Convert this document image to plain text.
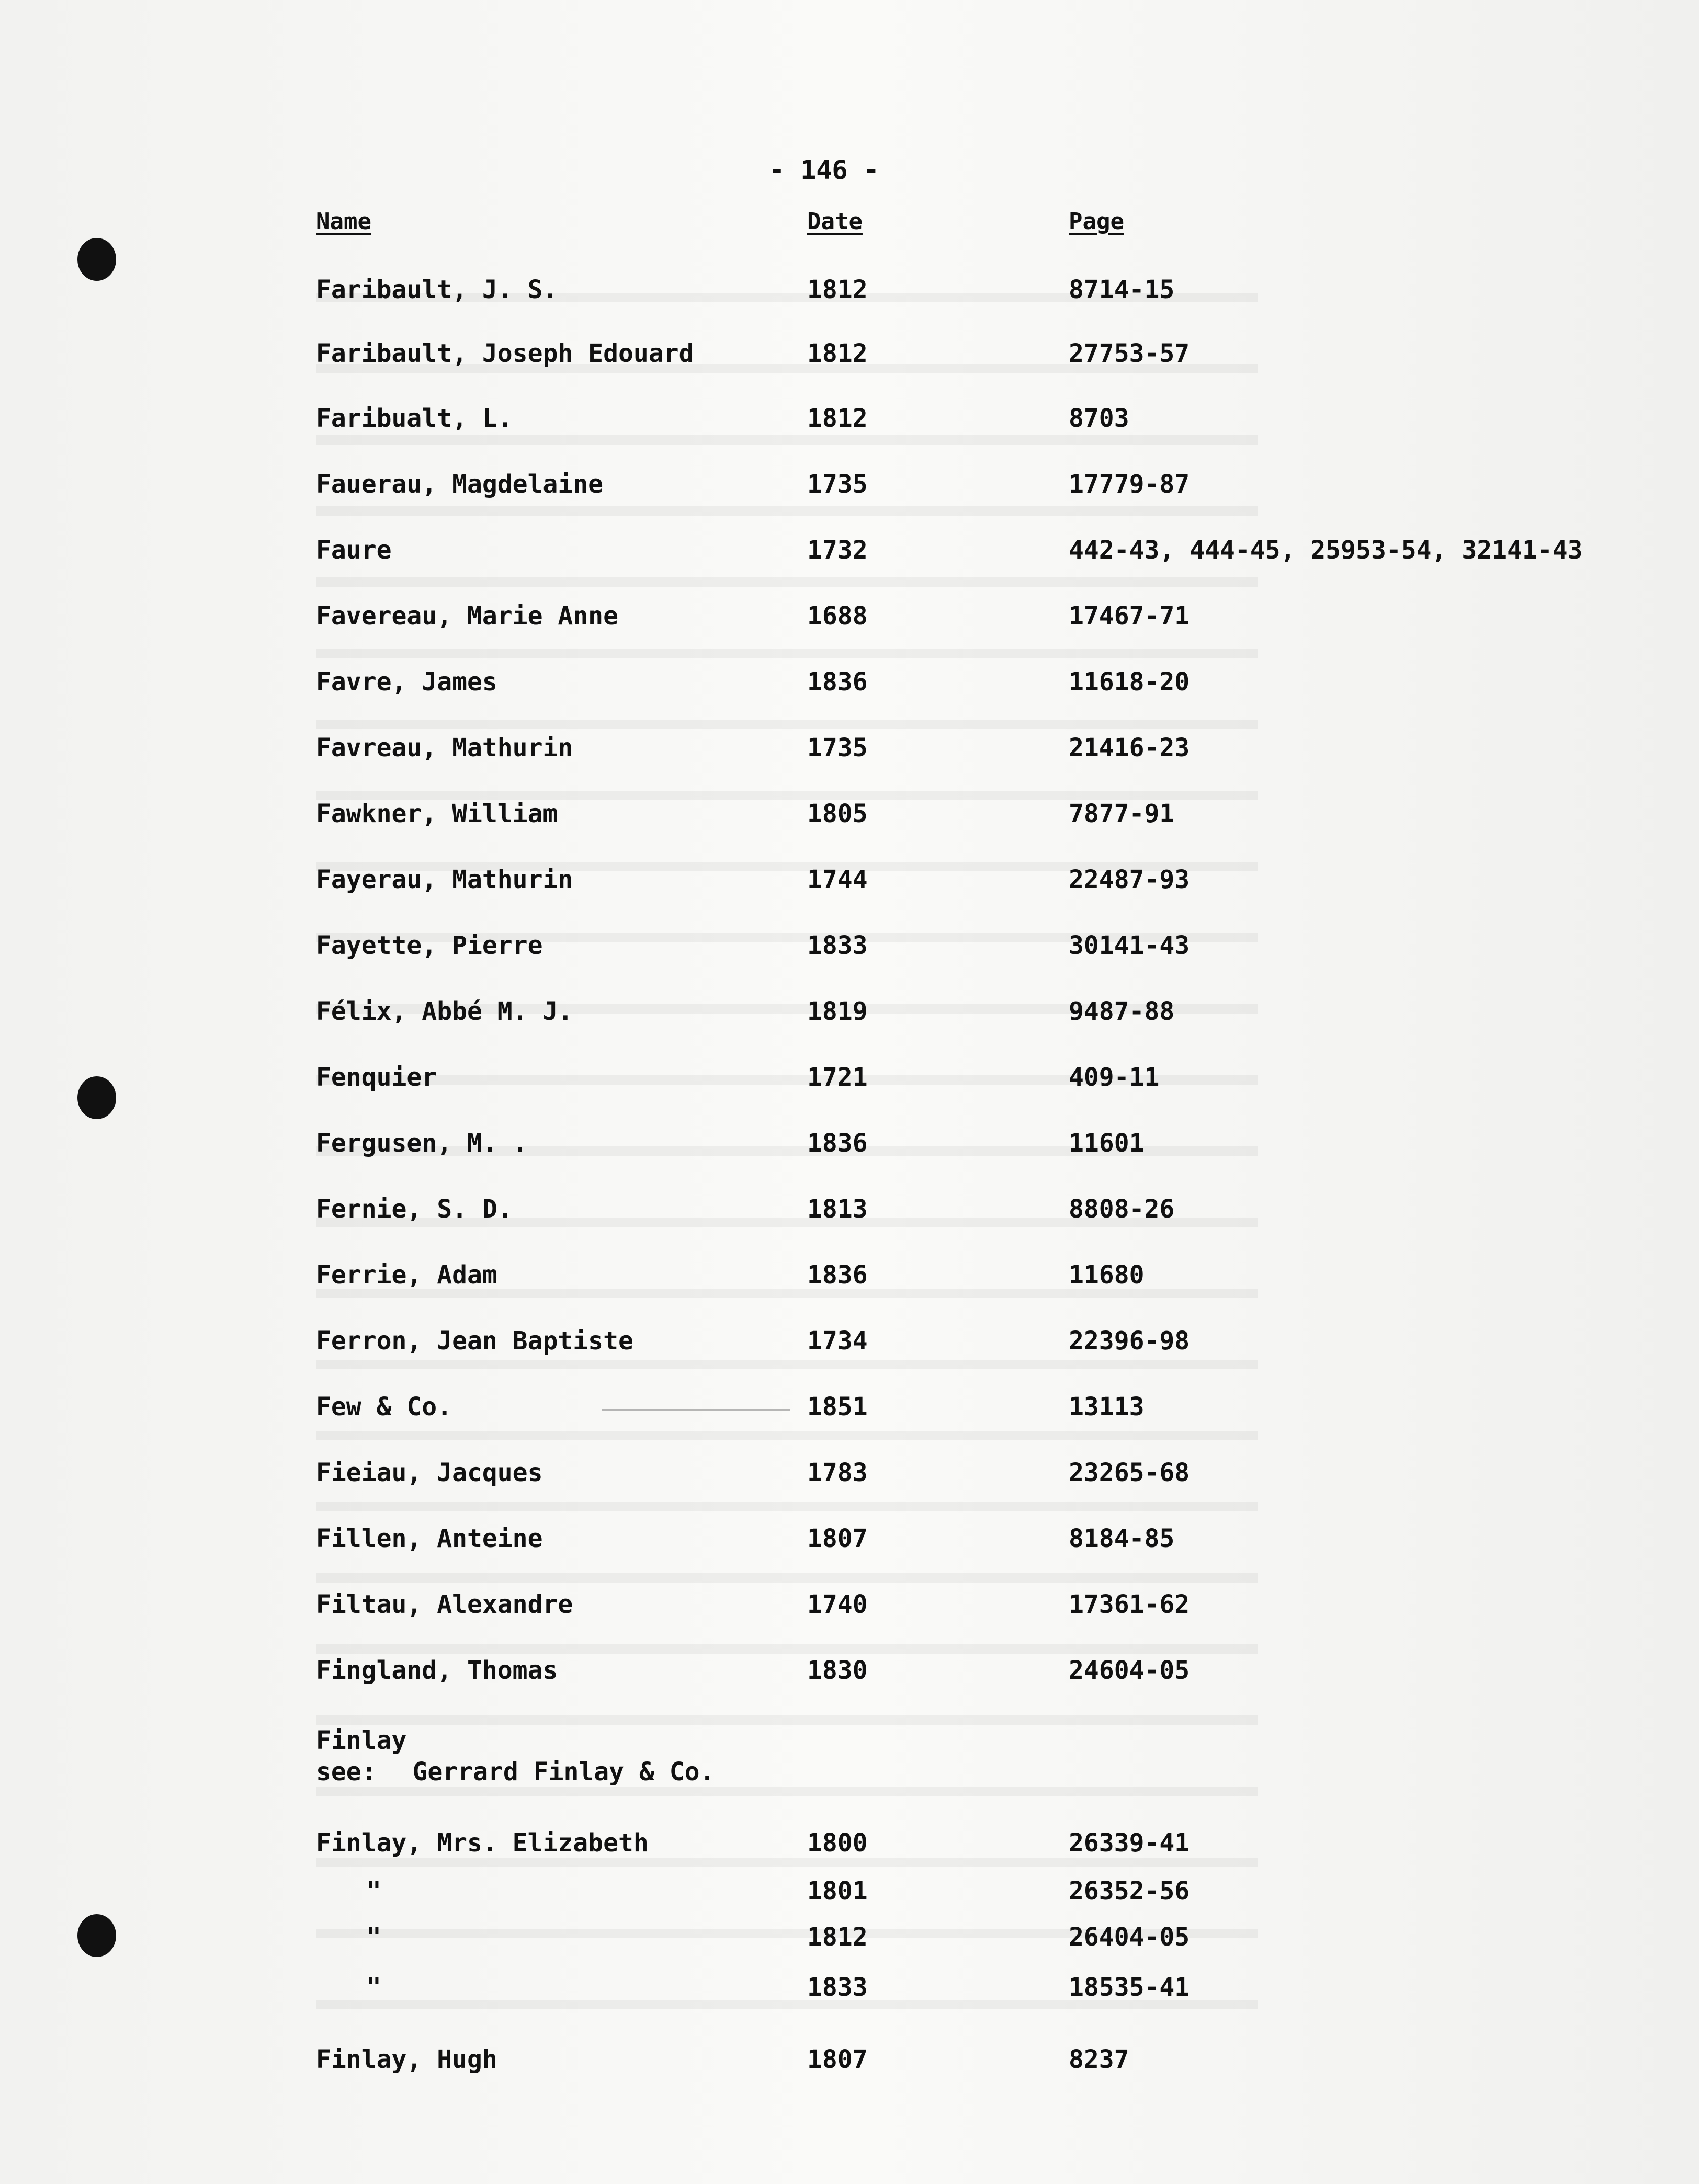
- 146 -
Name	Date	Page
Faribault, J. S.	1812	8714-15
Faribault, Joseph Edouard	1812	27753-57
Faribualt, L.	1812	8703
Fauerau, Magdelaine	1735	17779-87
Faure	1732	442-43, 444-45, 25953-54, 32141-43
Favereau, Marie Anne	1688	17467-71
Favre, James	1836	11618-20
Favreau, Mathurin	1735	21416-23
Fawkner, William	1805	7877-91
Fayerau, Mathurin	1744	22487-93
Fayette, Pierre	1833	30141-43
Félix, Abbé M. J.	1819	9487-88
Fenquier	1721	409-11
Fergusen, M. .	1836	11601
Fernie, S. D.	1813	8808-26
Ferrie, Adam	1836	11680
Ferron, Jean Baptiste	1734	22396-98
Few & Co.	1851	13113
Fieiau, Jacques	1783	23265-68
Fillen, Anteine	1807	8184-85
Filtau, Alexandre	1740	17361-62
Fingland, Thomas	1830	24604-05
Finlay
see: Gerrard Finlay & Co.
Finlay, Mrs. Elizabeth	1800	26339-41
"	1801	26352-56
"	1812	26404-05
"	1833	18535-41
Finlay, Hugh	1807	8237
